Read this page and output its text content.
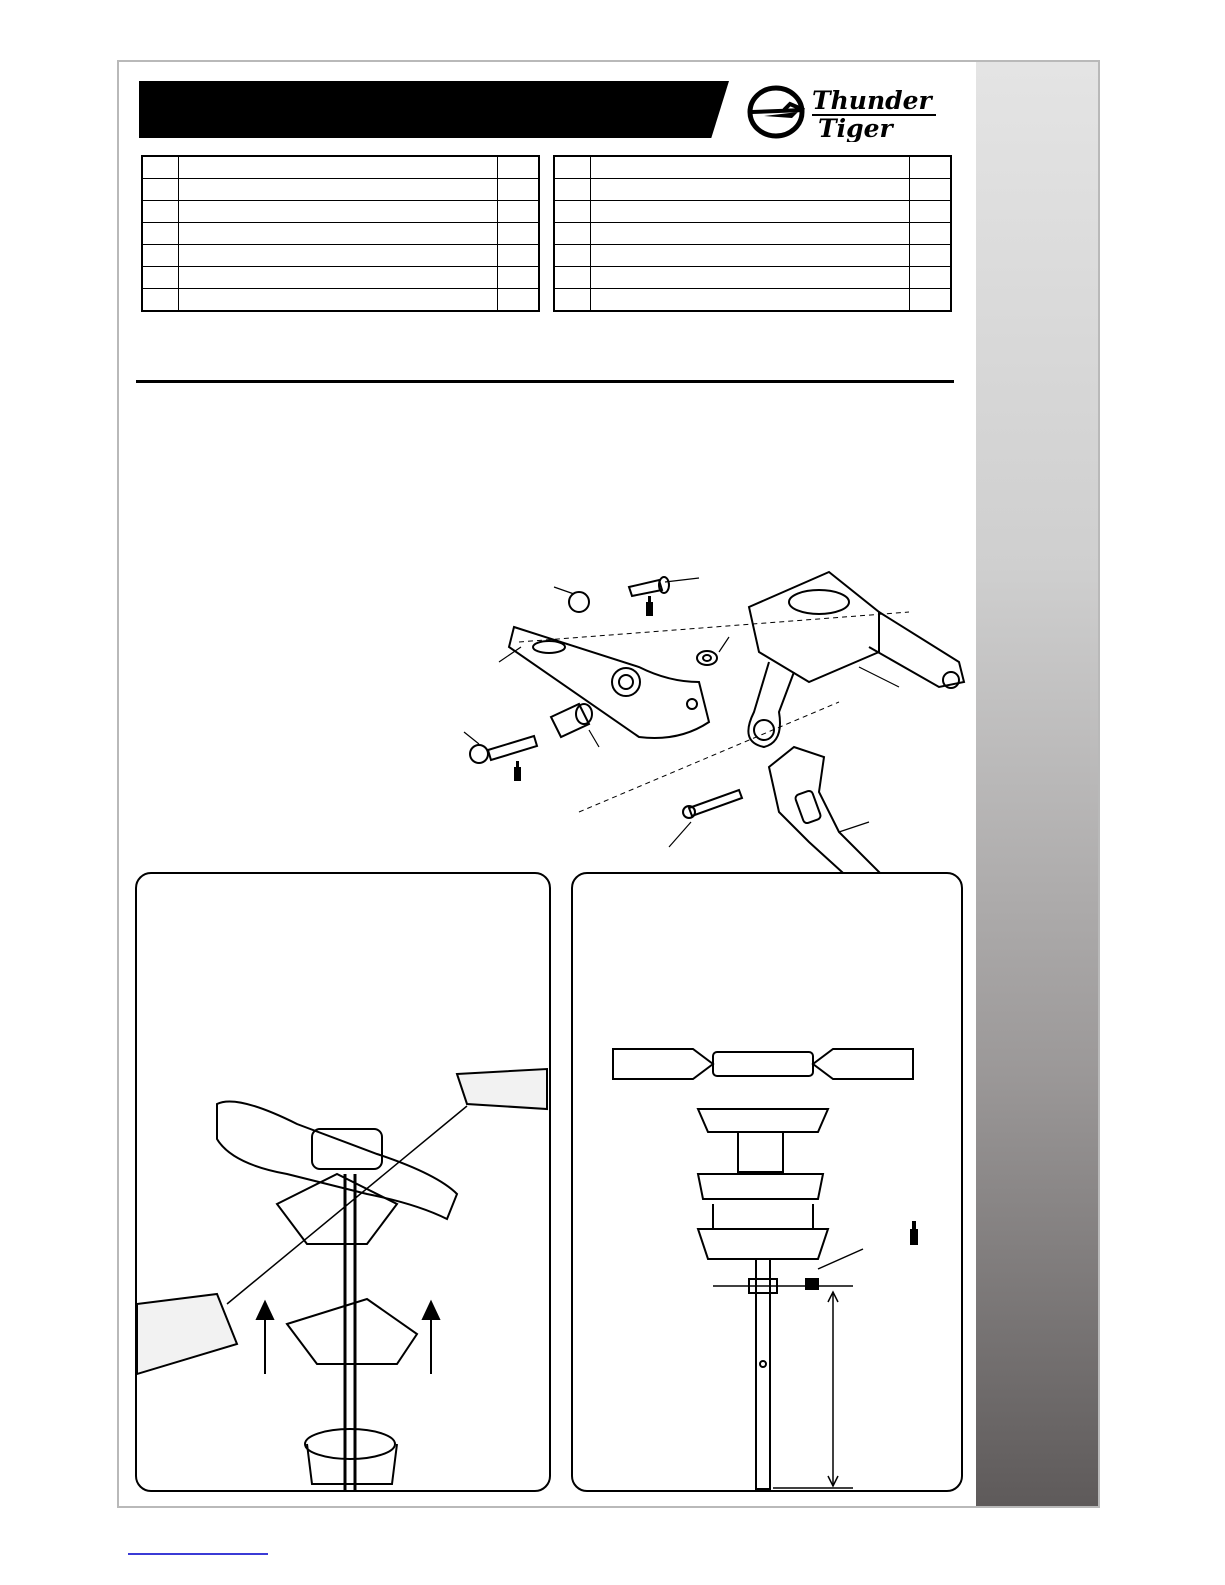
Thunder
Tiger
